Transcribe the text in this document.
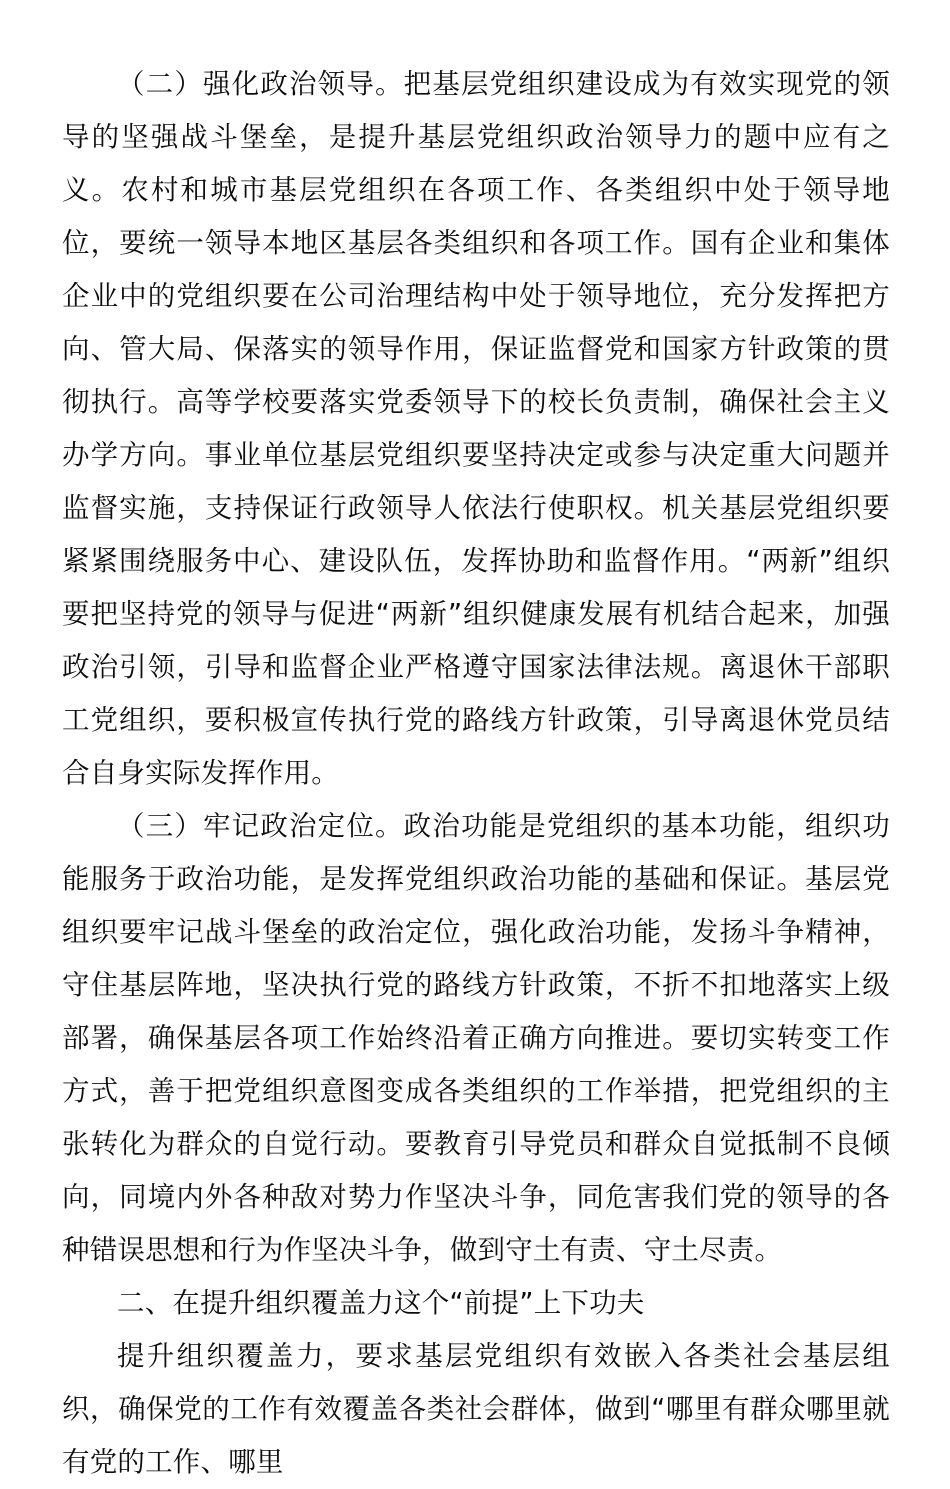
（二）强化政治领导。把基层党组织建设成为有效实现党的领导的坚强战斗堡垒，是提升基层党组织政治领导力的题中应有之义。农村和城市基层党组织在各项工作、各类组织中处于领导地位，要统一领导本地区基层各类组织和各项工作。国有企业和集体企业中的党组织要在公司治理结构中处于领导地位，充分发挥把方向、管大局、保落实的领导作用，保证监督党和国家方针政策的贯彻执行。高等学校要落实党委领导下的校长负责制，确保社会主义办学方向。事业单位基层党组织要坚持决定或参与决定重大问题并监督实施，支持保证行政领导人依法行使职权。机关基层党组织要紧紧围绕服务中心、建设队伍，发挥协助和监督作用。“两新”组织要把坚持党的领导与促进“两新”组织健康发展有机结合起来，加强政治引领，引导和监督企业严格遵守国家法律法规。离退休干部职工党组织，要积极宣传执行党的路线方针政策，引导离退休党员结合自身实际发挥作用。

（三）牢记政治定位。政治功能是党组织的基本功能，组织功能服务于政治功能，是发挥党组织政治功能的基础和保证。基层党组织要牢记战斗堡垒的政治定位，强化政治功能，发扬斗争精神，守住基层阵地，坚决执行党的路线方针政策，不折不扣地落实上级部署，确保基层各项工作始终沿着正确方向推进。要切实转变工作方式，善于把党组织意图变成各类组织的工作举措，把党组织的主张转化为群众的自觉行动。要教育引导党员和群众自觉抵制不良倾向，同境内外各种敌对势力作坚决斗争，同危害我们党的领导的各种错误思想和行为作坚决斗争，做到守土有责、守土尽责。

二、在提升组织覆盖力这个“前提”上下功夫

提升组织覆盖力，要求基层党组织有效嵌入各类社会基层组织，确保党的工作有效覆盖各类社会群体，做到“哪里有群众哪里就有党的工作、哪里
